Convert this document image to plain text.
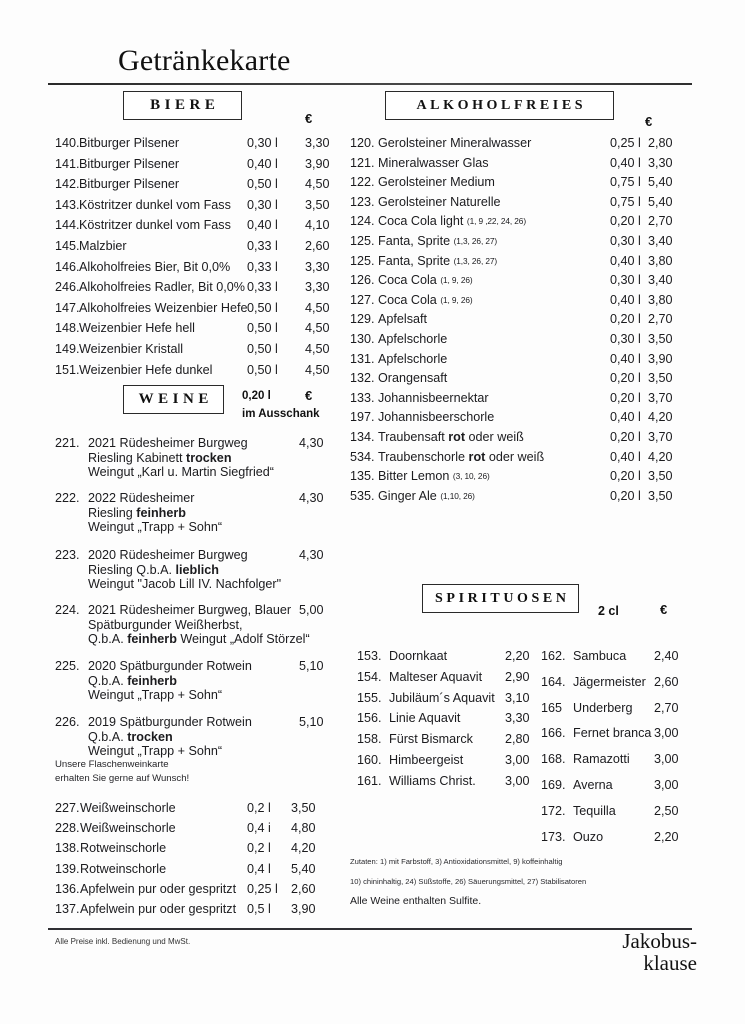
Getränkekarte
BIERE
€
140. Bitburger Pilsener	0,30 l 3,30
141. Bitburger Pilsener	0,40 l 3,90
142. Bitburger Pilsener	0,50 l 4,50
143. Köstritzer dunkel vom Fass 0,30 l 3,50
144. Köstritzer dunkel vom Fass 0,40 l 4,10
145. Malzbier	0,33 l 2,60
146. Alkoholfreies Bier, Bit 0,0% 0,33 l 3,30
246. Alkoholfreies Radler, Bit 0,0% 0,33 l 3,30
147. Alkoholfreies Weizenbier Hefe 0,50 l 4,50
148. Weizenbier Hefe hell	0,50 l 4,50
149. Weizenbier Kristall	0,50 l 4,50
151. Weizenbier Hefe dunkel	0,50 l 4,50
WEINE	0,20 l	€
im Ausschank
221. 2021 Rüdesheimer Burgweg
Riesling Kabinett trocken
Weingut „Karl u. Martin Siegfried“
4,30
222. 2022 Rüdesheimer
Riesling feinherb
Weingut „Trapp + Sohn“
4,30
223. 2020 Rüdesheimer Burgweg
Riesling Q.b.A. lieblich
Weingut "Jacob Lill IV. Nachfolger"
4,30
224. 2021 Rüdesheimer Burgweg, Blauer
Spätburgunder Weißherbst,
Q.b.A. feinherb Weingut „Adolf Störzel“
5,00
225. 2020 Spätburgunder Rotwein
Q.b.A. feinherb
Weingut „Trapp + Sohn“
5,10
226. 2019 Spätburgunder Rotwein
Q.b.A. trocken
Weingut „Trapp + Sohn“
5,10
Unsere Flaschenweinkarte
erhalten Sie gerne auf Wunsch!
227. Weißweinschorle	0,2 l 3,50
228. Weißweinschorle	0,4 i 4,80
138. Rotweinschorle	0,2 l 4,20
139. Rotweinschorle	0,4 l 5,40
136. Apfelwein pur oder gespritzt 0,25 l 2,60
137. Apfelwein pur oder gespritzt 0,5 l 3,90
ALKOHOLFREIES
€
120. Gerolsteiner Mineralwasser	0,25 l 2,80
121. Mineralwasser Glas	0,40 l 3,30
122. Gerolsteiner Medium	0,75 l 5,40
123. Gerolsteiner Naturelle	0,75 l 5,40
124. Coca Cola light (1, 9 ,22, 24, 26)	0,20 l 2,70
125. Fanta, Sprite (1,3, 26, 27)	0,30 l 3,40
125. Fanta, Sprite (1,3, 26, 27)	0,40 l 3,80
126. Coca Cola (1, 9, 26)	0,30 l 3,40
127. Coca Cola (1, 9, 26)	0,40 l 3,80
129. Apfelsaft	0,20 l 2,70
130. Apfelschorle	0,30 l 3,50
131. Apfelschorle	0,40 l 3,90
132. Orangensaft	0,20 l 3,50
133. Johannisbeernektar	0,20 l 3,70
197. Johannisbeerschorle	0,40 l 4,20
134. Traubensaft rot oder weiß	0,20 l 3,70
534. Traubenschorle rot oder weiß	0,40 l 4,20
135. Bitter Lemon (3, 10, 26)	0,20 l 3,50
535. Ginger Ale (1,10, 26)	0,20 l 3,50
SPIRITUOSEN
2 cl	€
153. Doornkaat	2,20
154. Malteser Aquavit 2,90
155. Jubiläum´s Aquavit 3,10
156. Linie Aquavit	3,30
158. Fürst Bismarck	2,80
160. Himbeergeist	3,00
161. Williams Christ. 3,00
162. Sambuca 2,40
164. Jägermeister 2,60
165 Underberg 2,70
166. Fernet branca 3,00
168. Ramazotti 3,00
169. Averna	3,00
172. Tequilla	2,50
173. Ouzo	2,20
Zutaten: 1) mit Farbstoff, 3) Antioxidationsmittel, 9) koffeinhaltig
10) chininhaltig, 24) Süßstoffe, 26) Säuerungsmittel, 27) Stabilisatoren
Alle Weine enthalten Sulfite.
Alle Preise inkl. Bedienung und MwSt.	Jakobus-
klause
